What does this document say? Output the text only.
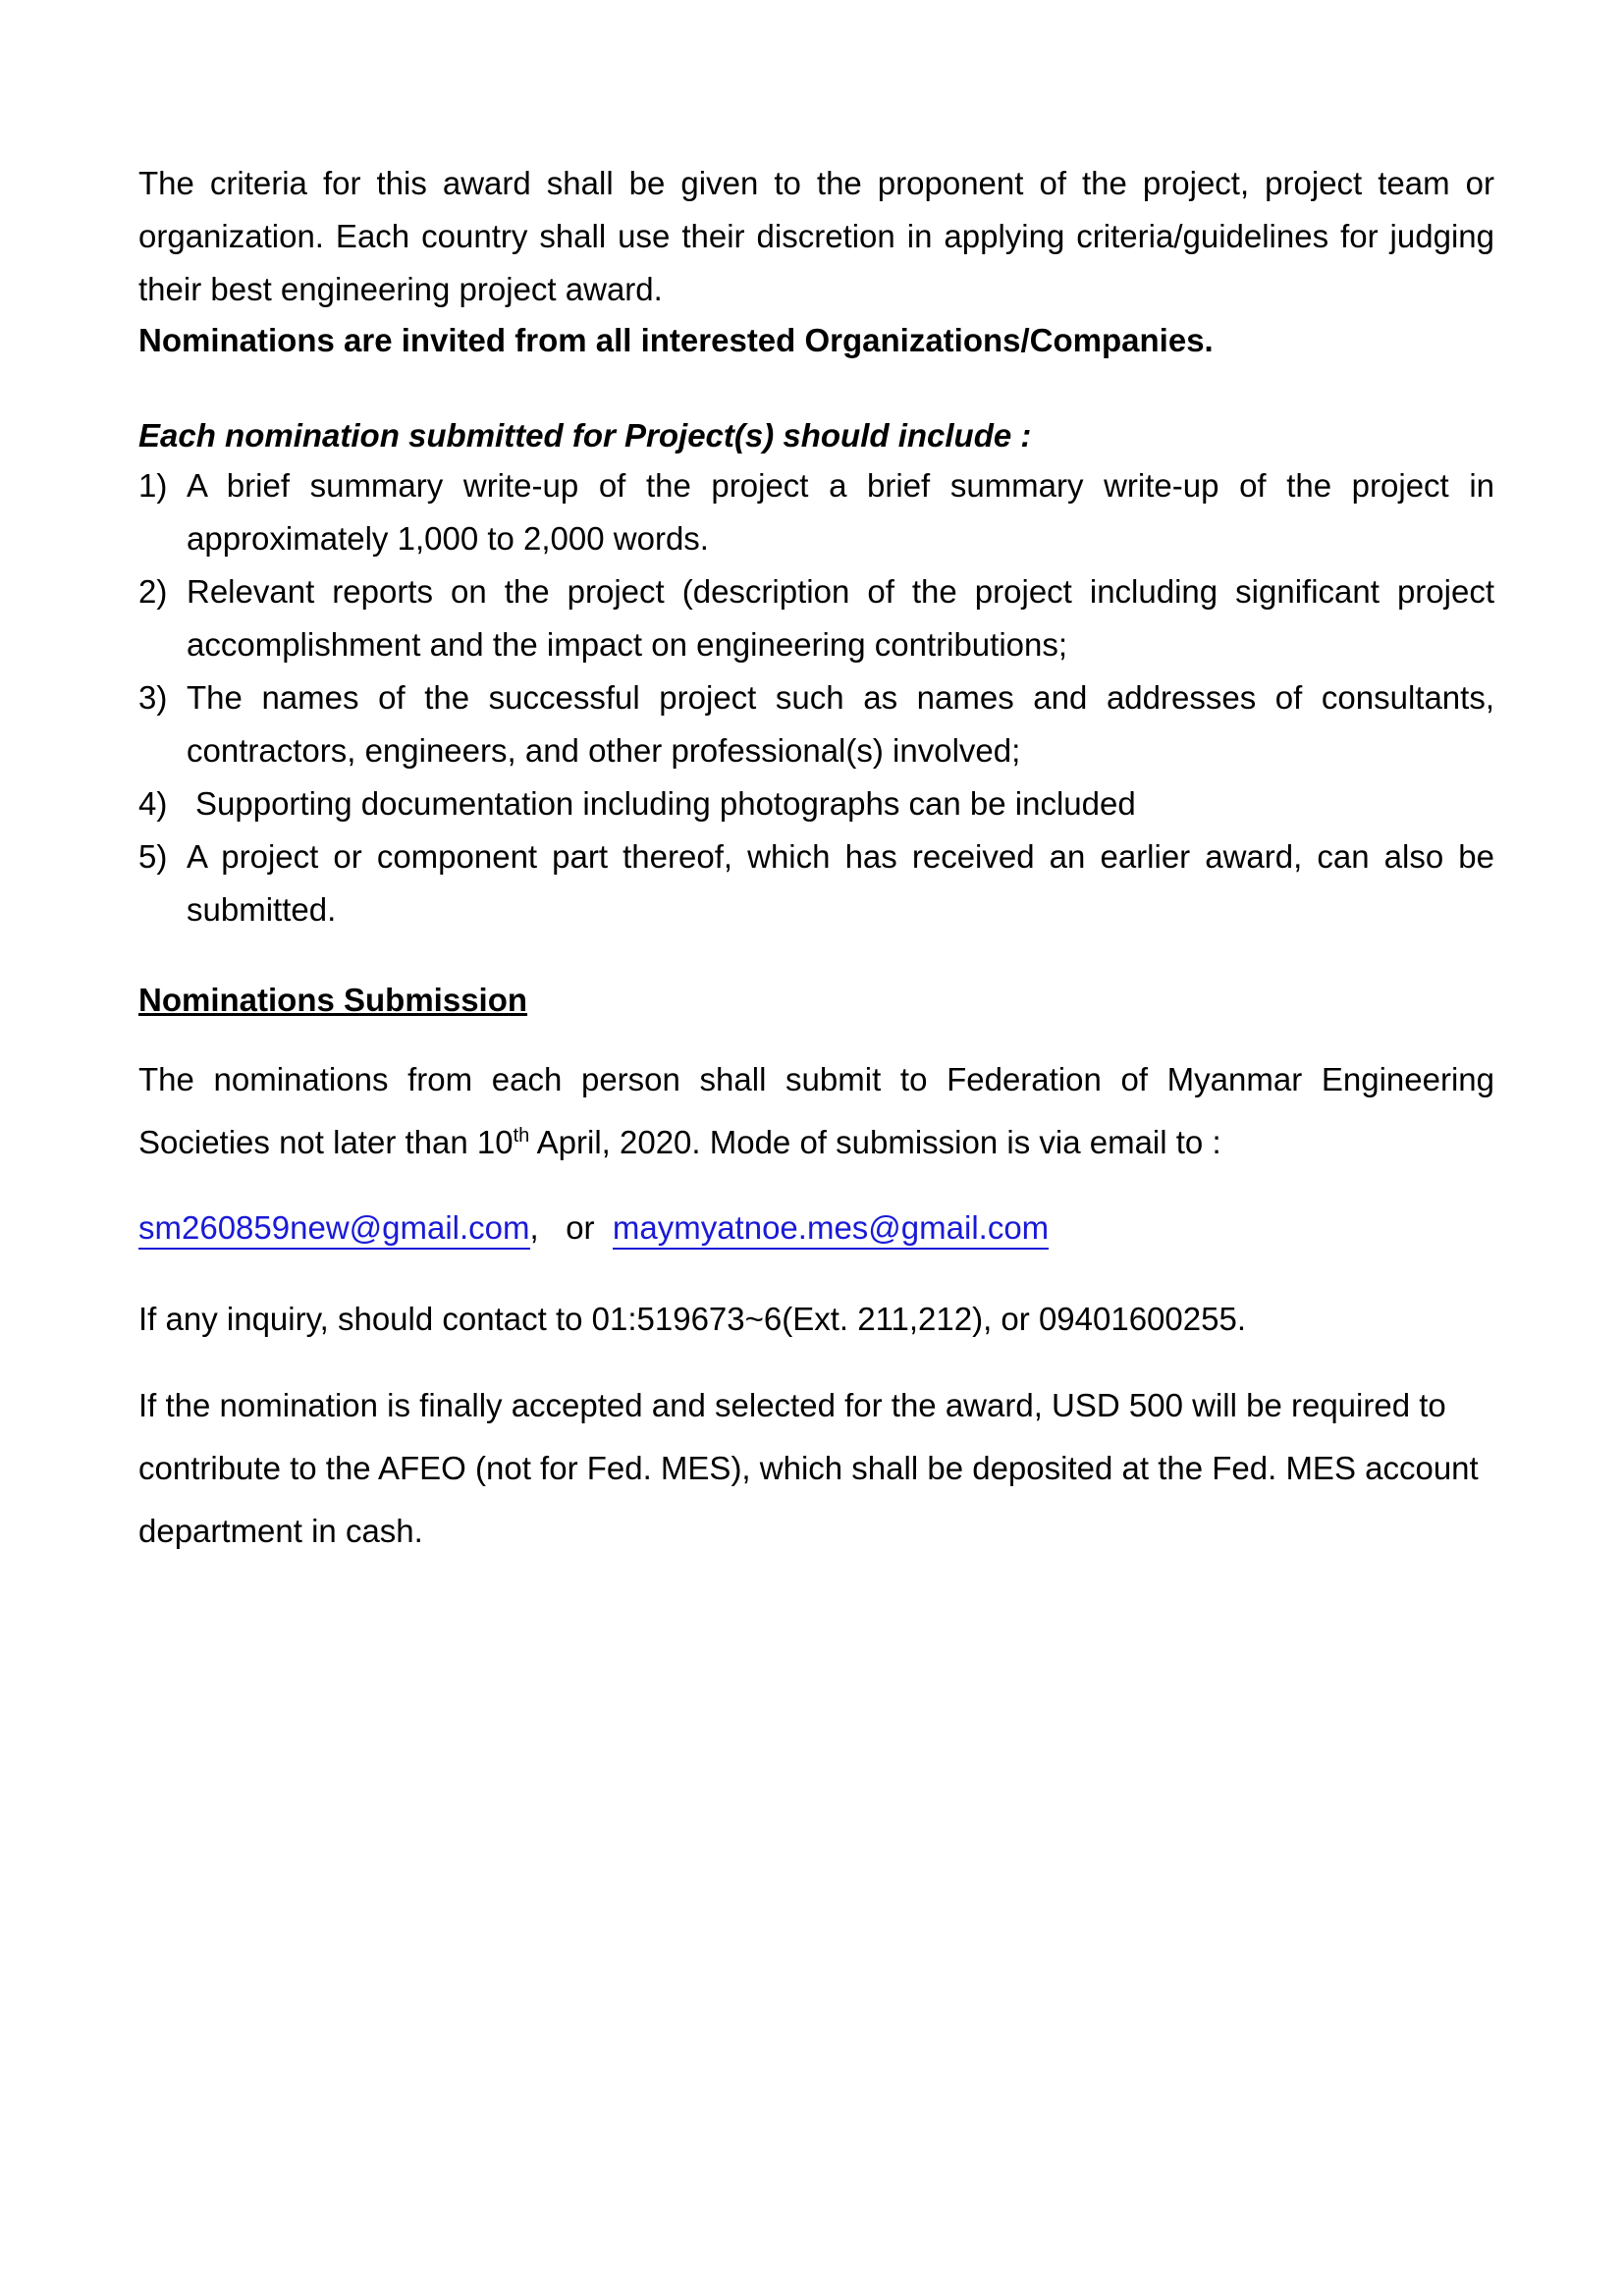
The criteria for this award shall be given to the proponent of the project, project team or organization. Each country shall use their discretion in applying criteria/guidelines for judging their best engineering project award.

Nominations are invited from all interested Organizations/Companies.

Each nomination submitted for Project(s) should include :

1) A brief summary write-up of the project a brief summary write-up of the project in approximately 1,000 to 2,000 words.
2) Relevant reports on the project (description of the project including significant project accomplishment and the impact on engineering contributions;
3) The names of the successful project such as names and addresses of consultants, contractors, engineers, and other professional(s) involved;
4) Supporting documentation including photographs can be included
5) A project or component part thereof, which has received an earlier award, can also be submitted.

Nominations Submission

The nominations from each person shall submit to Federation of Myanmar Engineering Societies not later than 10th April, 2020. Mode of submission is via email to :

sm260859new@gmail.com,   or  maymyatnoe.mes@gmail.com

If any inquiry, should contact to 01:519673~6(Ext. 211,212), or 09401600255.

If the nomination is finally accepted and selected for the award, USD 500 will be required to contribute to the AFEO (not for Fed. MES), which shall be deposited at the Fed. MES account department in cash.
